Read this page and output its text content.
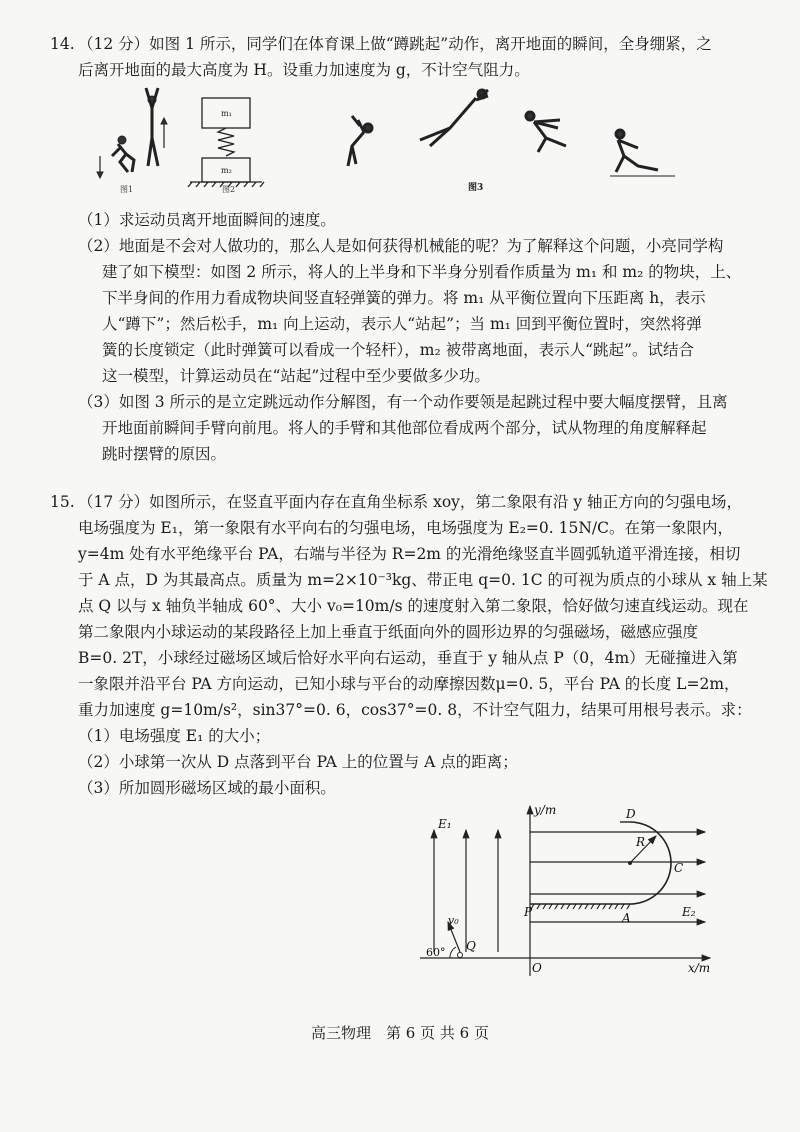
14. （12 分）如图 1 所示，同学们在体育课上做“蹲跳起”动作，离开地面的瞬间，全身绷紧，之
后离开地面的最大高度为 H。设重力加速度为 g，不计空气阻力。
图1
m₁
m₂
图2	图3
（1）求运动员离开地面瞬间的速度。
（2）地面是不会对人做功的，那么人是如何获得机械能的呢？为了解释这个问题，小亮同学构
建了如下模型：如图 2 所示，将人的上半身和下半身分别看作质量为 m₁ 和 m₂ 的物块，上、
下半身间的作用力看成物块间竖直轻弹簧的弹力。将 m₁ 从平衡位置向下压距离 h，表示
人“蹲下”；然后松手，m₁ 向上运动，表示人“站起”；当 m₁ 回到平衡位置时，突然将弹
簧的长度锁定（此时弹簧可以看成一个轻杆），m₂ 被带离地面，表示人“跳起”。试结合
这一模型，计算运动员在“站起”过程中至少要做多少功。
（3）如图 3 所示的是立定跳远动作分解图，有一个动作要领是起跳过程中要大幅度摆臂，且离
开地面前瞬间手臂向前甩。将人的手臂和其他部位看成两个部分，试从物理的角度解释起
跳时摆臂的原因。
15. （17 分）如图所示，在竖直平面内存在直角坐标系 xoy，第二象限有沿 y 轴正方向的匀强电场，
电场强度为 E₁，第一象限有水平向右的匀强电场，电场强度为 E₂=0. 15N/C。在第一象限内，
y=4m 处有水平绝缘平台 PA，右端与半径为 R=2m 的光滑绝缘竖直半圆弧轨道平滑连接，相切
于 A 点，D 为其最高点。质量为 m=2×10⁻³kg、带正电 q=0. 1C 的可视为质点的小球从 x 轴上某
点 Q 以与 x 轴负半轴成 60°、大小 v₀=10m/s 的速度射入第二象限，恰好做匀速直线运动。现在
第二象限内小球运动的某段路径上加上垂直于纸面向外的圆形边界的匀强磁场，磁感应强度
B=0. 2T，小球经过磁场区域后恰好水平向右运动，垂直于 y 轴从点 P（0，4m）无碰撞进入第
一象限并沿平台 PA 方向运动，已知小球与平台的动摩擦因数μ=0. 5，平台 PA 的长度 L=2m，
重力加速度 g=10m/s²，sin37°=0. 6，cos37°=0. 8，不计空气阻力，结果可用根号表示。求：
（1）电场强度 E₁ 的大小；
（2）小球第一次从 D 点落到平台 PA 上的位置与 A 点的距离；
（3）所加圆形磁场区域的最小面积。
E₁
E₂
y/m
x/m
O
P	A
C
D
R
Q
v₀
60°
高三物理　第 6 页 共 6 页
